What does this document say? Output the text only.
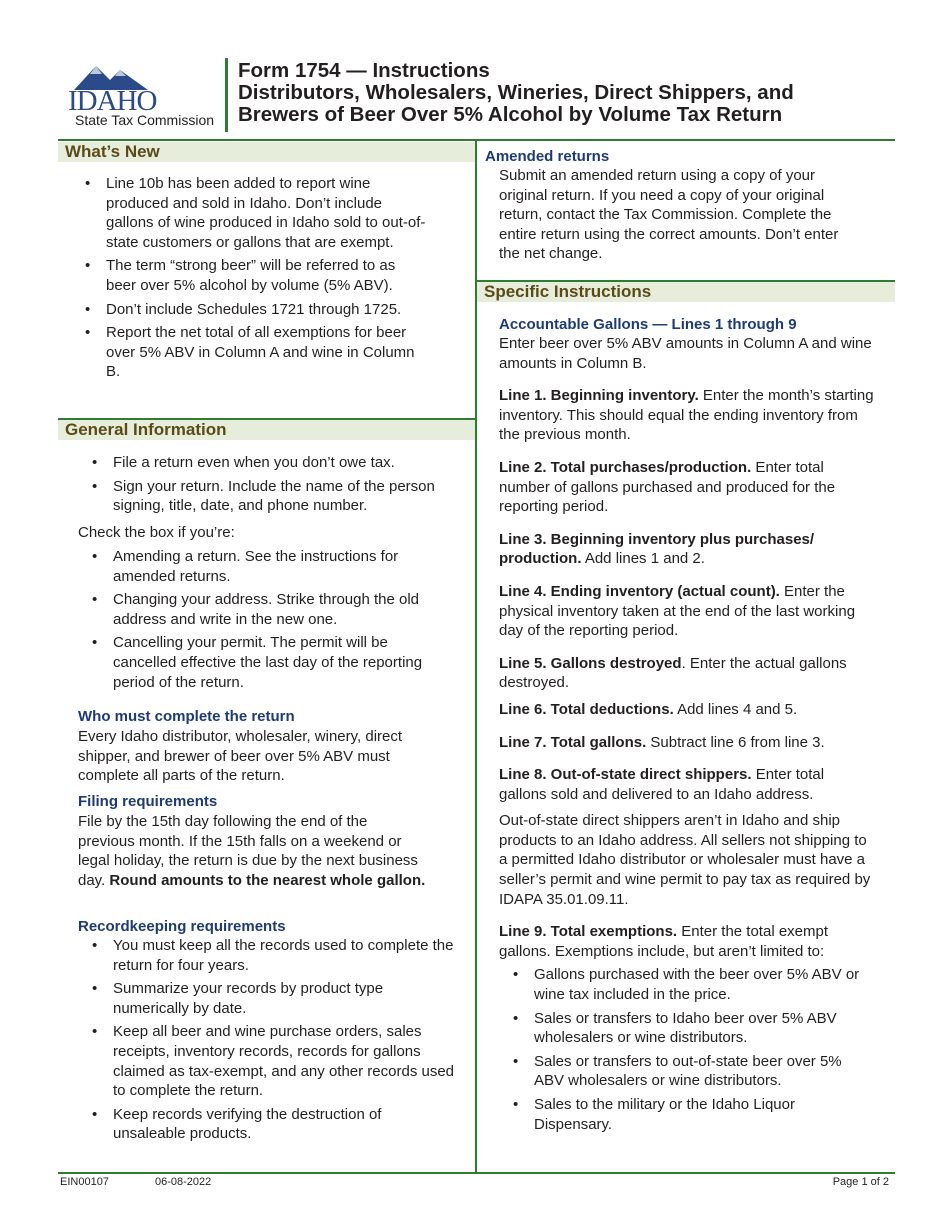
IDAHO
State Tax Commission
Form 1754 — Instructions
Distributors, Wholesalers, Wineries, Direct Shippers, and
Brewers of Beer Over 5% Alcohol by Volume Tax Return
What’s New
• Line 10b has been added to report wine produced and sold in Idaho. Don’t include gallons of wine produced in Idaho sold to out-of-state customers or gallons that are exempt.
• The term “strong beer” will be referred to as beer over 5% alcohol by volume (5% ABV).
• Don’t include Schedules 1721 through 1725.
• Report the net total of all exemptions for beer over 5% ABV in Column A and wine in Column B.
General Information
• File a return even when you don’t owe tax.
• Sign your return. Include the name of the person signing, title, date, and phone number.
Check the box if you’re:
• Amending a return. See the instructions for amended returns.
• Changing your address. Strike through the old address and write in the new one.
• Cancelling your permit. The permit will be cancelled effective the last day of the reporting period of the return.
Who must complete the return
Every Idaho distributor, wholesaler, winery, direct shipper, and brewer of beer over 5% ABV must complete all parts of the return.
Filing requirements
File by the 15th day following the end of the previous month. If the 15th falls on a weekend or legal holiday, the return is due by the next business day. Round amounts to the nearest whole gallon.
Recordkeeping requirements
• You must keep all the records used to complete the return for four years.
• Summarize your records by product type numerically by date.
• Keep all beer and wine purchase orders, sales receipts, inventory records, records for gallons claimed as tax-exempt, and any other records used to complete the return.
• Keep records verifying the destruction of unsaleable products.
Amended returns
Submit an amended return using a copy of your original return. If you need a copy of your original return, contact the Tax Commission. Complete the entire return using the correct amounts. Don’t enter the net change.
Specific Instructions
Accountable Gallons — Lines 1 through 9

Enter beer over 5% ABV amounts in Column A and wine amounts in Column B.

Line 1. Beginning inventory. Enter the month’s starting inventory. This should equal the ending inventory from the previous month.

Line 2. Total purchases/production. Enter total number of gallons purchased and produced for the reporting period.

Line 3. Beginning inventory plus purchases/ production. Add lines 1 and 2.

Line 4. Ending inventory (actual count). Enter the physical inventory taken at the end of the last working day of the reporting period.

Line 5. Gallons destroyed. Enter the actual gallons destroyed.

Line 6. Total deductions. Add lines 4 and 5.

Line 7. Total gallons. Subtract line 6 from line 3.

Line 8. Out-of-state direct shippers. Enter total gallons sold and delivered to an Idaho address.

Out-of-state direct shippers aren’t in Idaho and ship products to an Idaho address. All sellers not shipping to a permitted Idaho distributor or wholesaler must have a seller’s permit and wine permit to pay tax as required by IDAPA 35.01.09.11.

Line 9. Total exemptions. Enter the total exempt gallons. Exemptions include, but aren’t limited to:

• Gallons purchased with the beer over 5% ABV or wine tax included in the price.
• Sales or transfers to Idaho beer over 5% ABV wholesalers or wine distributors.
• Sales or transfers to out-of-state beer over 5% ABV wholesalers or wine distributors.
• Sales to the military or the Idaho Liquor Dispensary.
EIN00107	06-08-2022	Page 1 of 2
